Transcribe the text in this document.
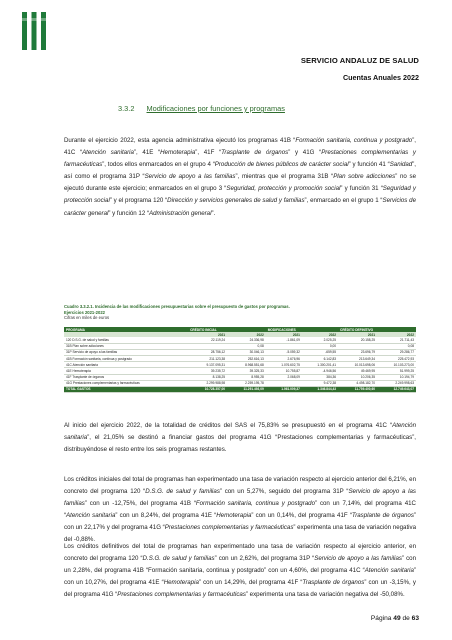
SERVICIO ANDALUZ DE SALUD
Cuentas Anuales 2022
3.3.2 Modificaciones por funciones y programas
Durante el ejercicio 2022, esta agencia administrativa ejecutó los programas 41B “Formación sanitaria, continua y postgrado”, 41C “Atención sanitaria”, 41E “Hemoterapia”, 41F “Trasplante de órganos” y 41G “Prestaciones complementarias y farmacéuticas”, todos ellos enmarcados en el grupo 4 “Producción de bienes públicos de carácter social” y función 41 “Sanidad”, así como el programa 31P “Servicio de apoyo a las familias”, mientras que el programa 31B “Plan sobre adicciones” no se ejecutó durante este ejercicio; enmarcados en el grupo 3 “Seguridad, protección y promoción social” y función 31 “Seguridad y protección social” y el programa 120 “Dirección y servicios generales de salud y familias”, enmarcado en el grupo 1 “Servicios de carácter general” y función 12 “Administración general”.
Cuadro 3.3.2.1. Incidencia de las modificaciones presupuestarias sobre el presupuesto de gastos por programas.
Ejercicios 2021-2022
Cifras en miles de euros
PROGRAMA	CRÉDITO INICIAL		MODIFICACIONES		CRÉDITO DEFINITIVO	
	2021	2022	2021	2022	2021	2022
120 D.S.G. de salud y familias	22.119,24	24.336,98	-1.861,09	2.025,25	20.158,25	21.711,43
31B Plan sobre adicciones		0,08		0,00		0,08
31P Servicio de apoyo a las familias	28.756,12	30.046,13	-5.059,32	-659,55	23.696,79	29.286,77
41B Formación sanitaria, continua y postgrado	211.123,38	252.616,13	2.676,96	6.142,83	213.649,34	225.472,93
41C Atención sanitaria	9.137.095,31	8.968.551,68	1.076.602,75	1.300.201,41	10.013.698,06	10.103.273,00
41E Hemoterapia	39.235,72	39.325,33	10.755,87	-4.946,56	49.469,95	51.999,25
41F Trasplante de órganos	8.138,25	8.955,28	2.068,09	384,36	10.206,35	10.194,79
41G Prestaciones complementarias y farmacéuticas	2.299.988,98	2.259.195,78		9.472,38	4.498.182,70	2.249.998,63
TOTAL GASTOS	10.728.357,00	11.291.493,09	1.061.009,37	1.346.844,43	11.759.400,60	12.749.643,07
Al inicio del ejercicio 2022, de la totalidad de créditos del SAS el 75,83% se presupuestó en el programa 41C “Atención sanitaria”, el 21,05% se destinó a financiar gastos del programa 41G “Prestaciones complementarias y farmacéuticas”, distribuyéndose el resto entre los seis programas restantes.
Los créditos iniciales del total de programas han experimentado una tasa de variación respecto al ejercicio anterior del 6,21%, en concreto del programa 120 “D.S.G. de salud y familias” con un 5,27%, seguido del programa 31P “Servicio de apoyo a las familias” con un -12,75%, del programa 41B “Formación sanitaria, continua y postgrado” con un 7,14%, del programa 41C “Atención sanitaria” con un 8,24%, del programa 41E “Hemoterapia” con un 0,14%, del programa 41F “Trasplante de órganos” con un 22,17% y del programa 41G “Prestaciones complementarias y farmacéuticas” experimenta una tasa de variación negativa del -0,88%.
Los créditos definitivos del total de programas han experimentado una tasa de variación respecto al ejercicio anterior, en concreto del programa 120 “D.S.G. de salud y familias” con un 2,62%, del programa 31P “Servicio de apoyo a las familias” con un 2,28%, del programa 41B “Formación sanitaria, continua y postgrado” con un 4,60%, del programa 41C “Atención sanitaria” con un 10,27%, del programa 41E “Hemoterapia” con un 14,29%, del programa 41F “Trasplante de órganos” con un -3,15%, y del programa 41G “Prestaciones complementarias y farmacéuticas” experimenta una tasa de variación negativa del -50,08%.
Página 49 de 63
